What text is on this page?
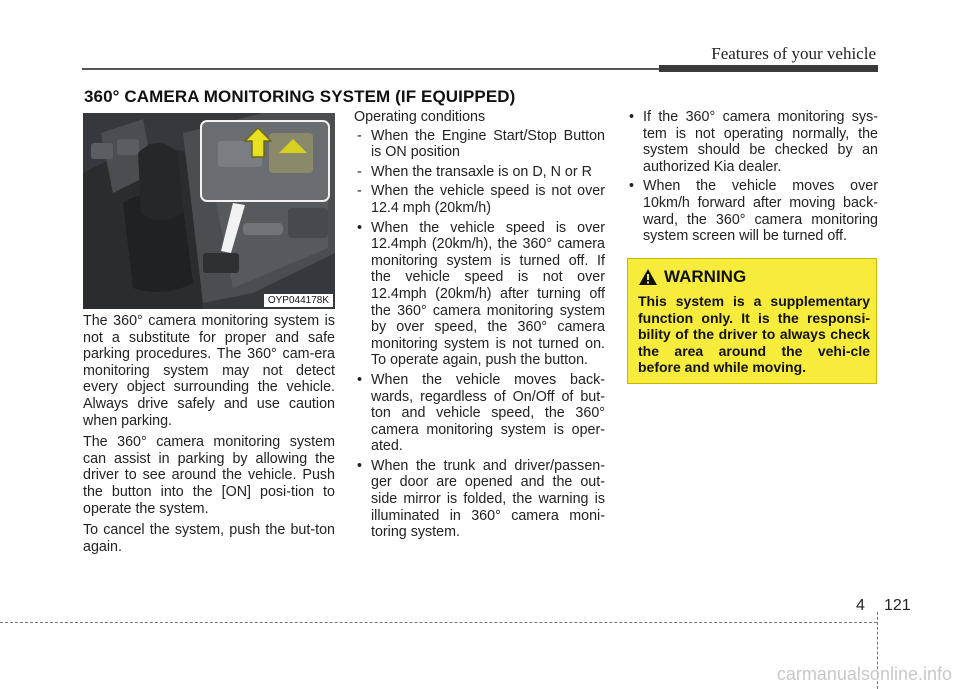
Features of your vehicle
360° CAMERA MONITORING SYSTEM (IF EQUIPPED)
OYP044178K

The 360° camera monitoring system is not a substitute for proper and safe parking procedures. The 360° cam-era monitoring system may not detect every object surrounding the vehicle. Always drive safely and use caution when parking.

The 360° camera monitoring system can assist in parking by allowing the driver to see around the vehicle. Push the button into the [ON] posi-tion to operate the system.

To cancel the system, push the but-ton again.

Operating conditions

- When the Engine Start/Stop Button is ON position
- When the transaxle is on D, N or R
- When the vehicle speed is not over 12.4 mph (20km/h)
• When the vehicle speed is over 12.4mph (20km/h), the 360° camera monitoring system is turned off. If the vehicle speed is not over 12.4mph (20km/h) after turning off the 360° camera monitoring system by over speed, the 360° camera monitoring system is not turned on. To operate again, push the button.
• When the vehicle moves back-wards, regardless of On/Off of but-ton and vehicle speed, the 360° camera monitoring system is oper-ated.
• When the trunk and driver/passen-ger door are opened and the out-side mirror is folded, the warning is illuminated in 360° camera moni-toring system.
• If the 360° camera monitoring sys-tem is not operating normally, the system should be checked by an authorized Kia dealer.
• When the vehicle moves over 10km/h forward after moving back-ward, the 360° camera monitoring system screen will be turned off.
WARNING
This system is a supplementary function only. It is the responsi-bility of the driver to always check the area around the vehi-cle before and while moving.
4 121
carmanualsonline.info
